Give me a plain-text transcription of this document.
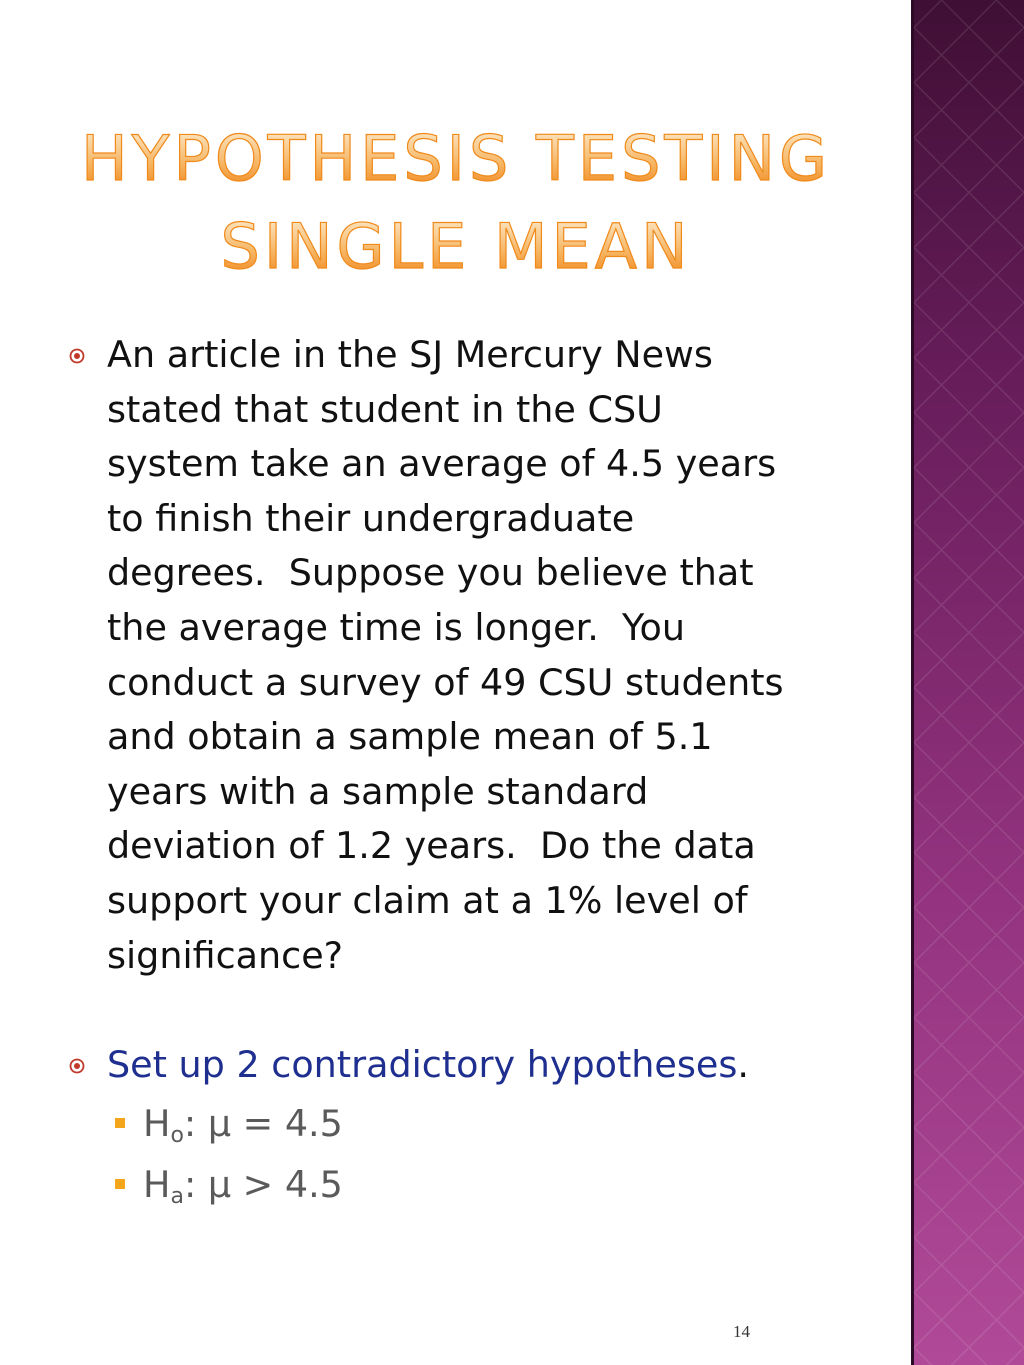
HYPOTHESIS TESTING
SINGLE MEAN
An article in the SJ Mercury News
stated that student in the CSU
system take an average of 4.5 years
to finish their undergraduate
degrees.  Suppose you believe that
the average time is longer.  You
conduct a survey of 49 CSU students
and obtain a sample mean of 5.1
years with a sample standard
deviation of 1.2 years.  Do the data
support your claim at a 1% level of
significance?
Set up 2 contradictory hypotheses.
$H_o$: μ = 4.5
$H_a$: μ > 4.5
14
